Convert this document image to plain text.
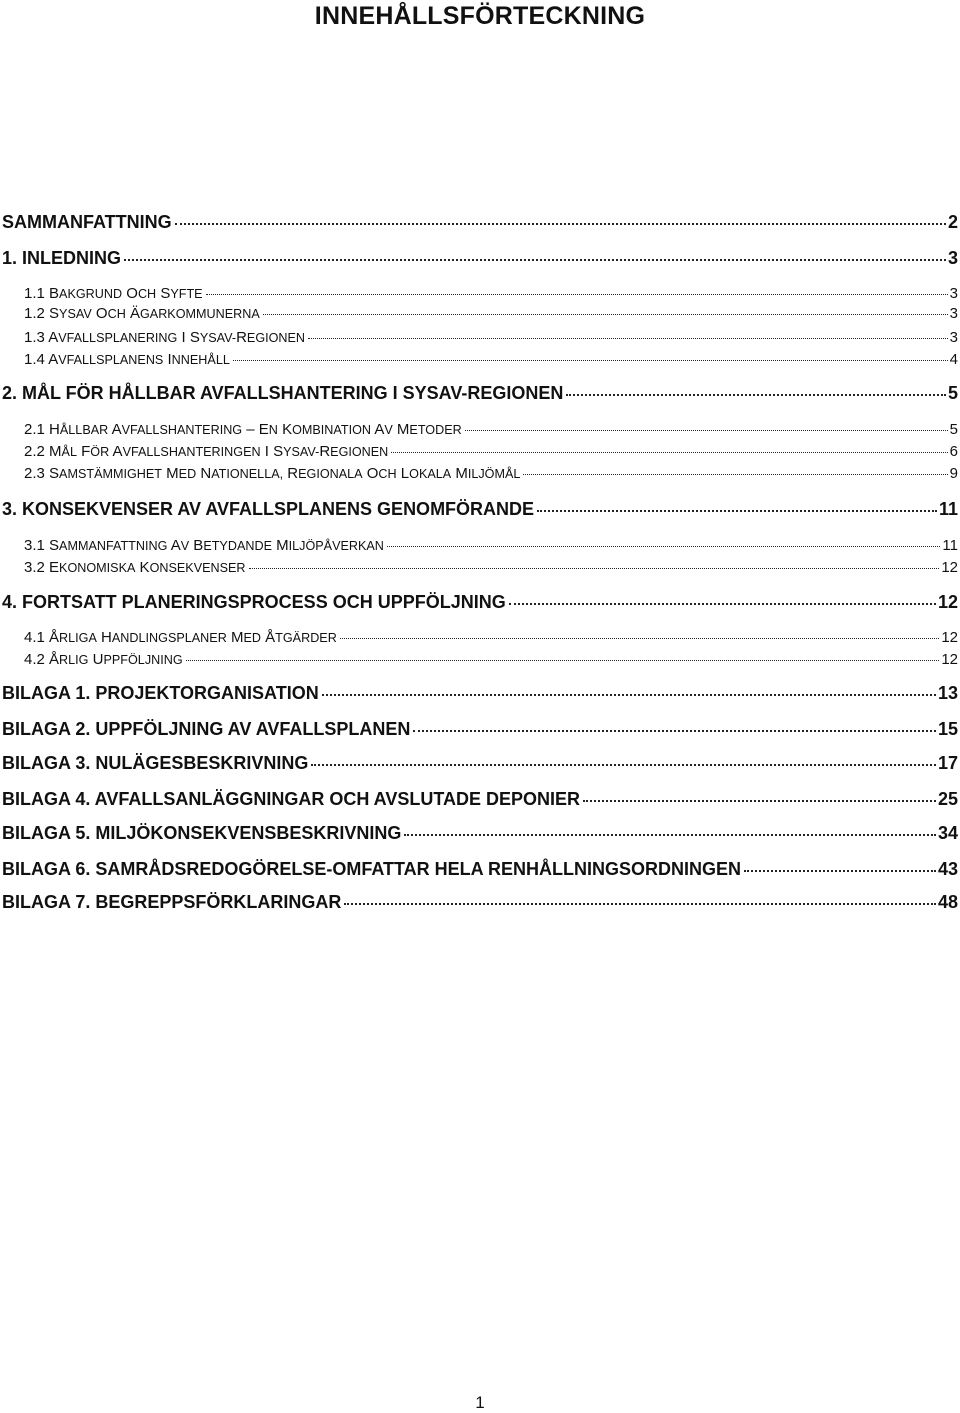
INNEHÅLLSFÖRTECKNING
SAMMANFATTNING	2
1. INLEDNING	3
1.1 BAKGRUND OCH SYFTE	3
1.2 SYSAV OCH ÄGARKOMMUNERNA	3
1.3 AVFALLSPLANERING I SYSAV-REGIONEN	3
1.4 AVFALLSPLANENS INNEHÅLL	4
2. MÅL FÖR HÅLLBAR AVFALLSHANTERING I SYSAV-REGIONEN	5
2.1 HÅLLBAR AVFALLSHANTERING – EN KOMBINATION AV METODER	5
2.2 MÅL FÖR AVFALLSHANTERINGEN I SYSAV-REGIONEN	6
2.3 SAMSTÄMMIGHET MED NATIONELLA, REGIONALA OCH LOKALA MILJÖMÅL	9
3. KONSEKVENSER AV AVFALLSPLANENS GENOMFÖRANDE	11
3.1 SAMMANFATTNING AV BETYDANDE MILJÖPÅVERKAN	11
3.2 EKONOMISKA KONSEKVENSER	12
4. FORTSATT PLANERINGSPROCESS OCH UPPFÖLJNING	12
4.1 ÅRLIGA HANDLINGSPLANER MED ÅTGÄRDER	12
4.2 ÅRLIG UPPFÖLJNING	12
BILAGA 1. PROJEKTORGANISATION	13
BILAGA 2. UPPFÖLJNING AV AVFALLSPLANEN	15
BILAGA 3. NULÄGESBESKRIVNING	17
BILAGA 4. AVFALLSANLÄGGNINGAR OCH AVSLUTADE DEPONIER	25
BILAGA 5. MILJÖKONSEKVENSBESKRIVNING	34
BILAGA 6. SAMRÅDSREDOGÖRELSE-OMFATTAR HELA RENHÅLLNINGSORDNINGEN	43
BILAGA 7. BEGREPPSFÖRKLARINGAR	48
1
